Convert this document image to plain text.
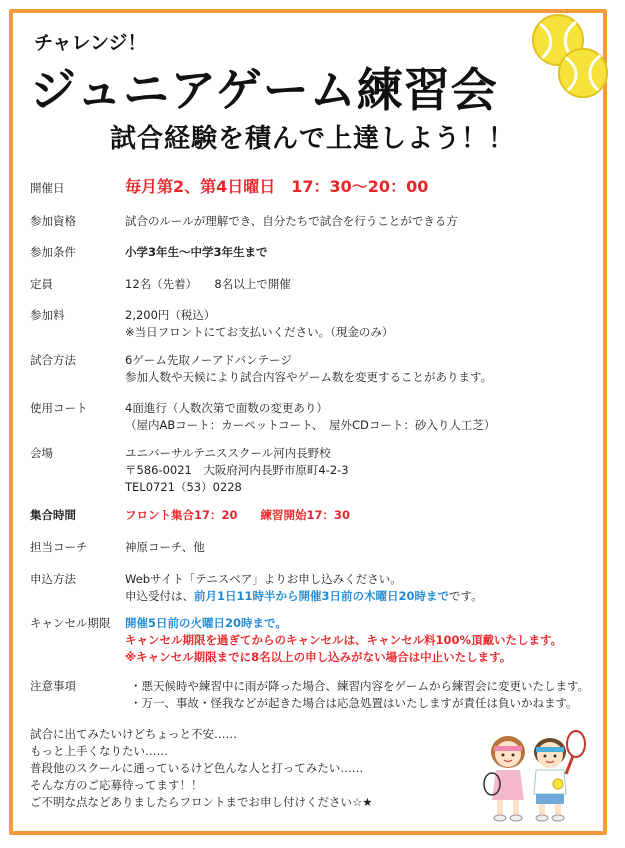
チャレンジ！
ジュニアゲーム練習会
試合経験を積んで上達しよう！！
開催日	毎月第2、第4日曜日　17：30〜20：00
参加資格	試合のルールが理解でき、自分たちで試合を行うことができる方
参加条件	小学3年生〜中学3年生まで
定員	12名（先着）　　8名以上で開催
参加料	2,200円（税込）
※当日フロントにてお支払いください。（現金のみ）
試合方法	6ゲーム先取ノーアドバンテージ
参加人数や天候により試合内容やゲーム数を変更することがあります。
使用コート	4面進行（人数次第で面数の変更あり）
（屋内ABコート：カーペットコート、　屋外CDコート：砂入り人工芝）
会場	ユニバーサルテニススクール河内長野校
〒586-0021　大阪府河内長野市原町4-2-3
TEL0721（53）0228
集合時間	フロント集合17：20　　練習開始17：30
担当コーチ	神原コーチ、他
申込方法	Webサイト「テニスベア」よりお申し込みください。
申込受付は、前月1日11時半から開催3日前の木曜日20時までです。
キャンセル期限	開催5日前の火曜日20時まで。
キャンセル期限を過ぎてからのキャンセルは、キャンセル料100%頂戴いたします。
※キャンセル期限までに8名以上の申し込みがない場合は中止いたします。
注意事項	・悪天候時や練習中に雨が降った場合、練習内容をゲームから練習会に変更いたします。
・万一、事故・怪我などが起きた場合は応急処置はいたしますが責任は負いかねます。
試合に出てみたいけどちょっと不安……
もっと上手くなりたい……
普段他のスクールに通っているけど色んな人と打ってみたい……
そんな方のご応募待ってます！！
ご不明な点などありましたらフロントまでお申し付けください☆★
